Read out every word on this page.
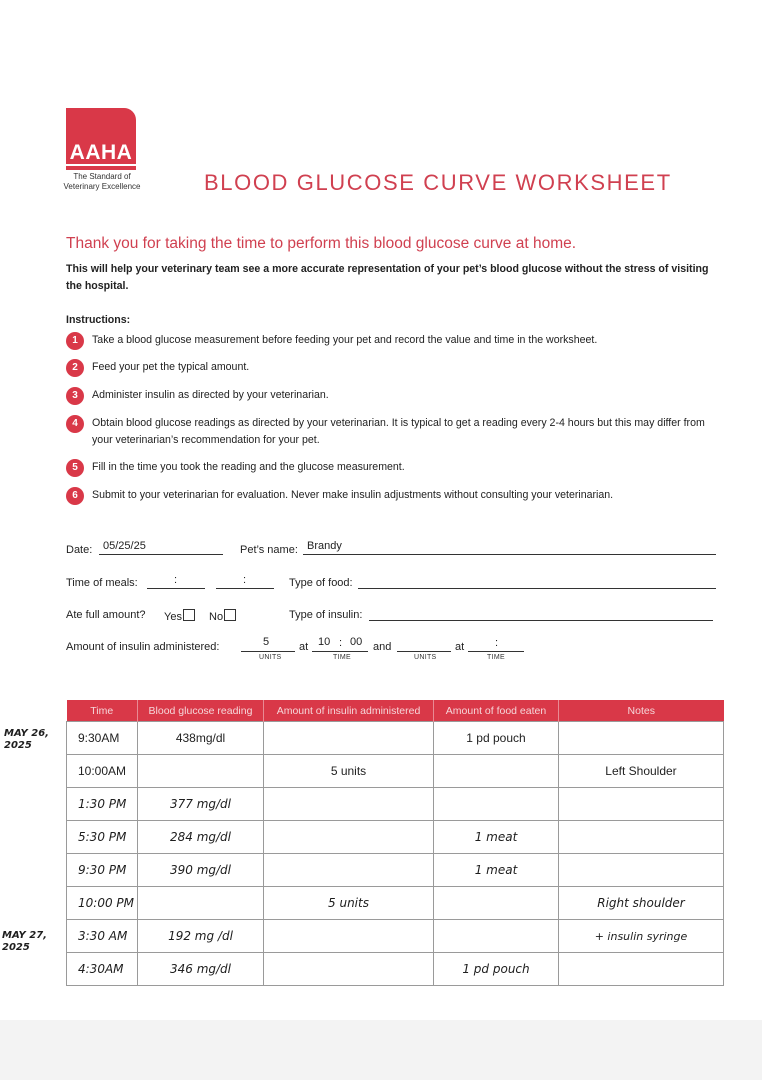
AAHA
The Standard of Veterinary Excellence	BLOOD GLUCOSE CURVE WORKSHEET
Thank you for taking the time to perform this blood glucose curve at home.
This will help your veterinary team see a more accurate representation of your pet’s blood glucose without the stress of visiting the hospital.
Instructions:
1	Take a blood glucose measurement before feeding your pet and record the value and time in the worksheet.
2	Feed your pet the typical amount.
3	Administer insulin as directed by your veterinarian.
4	Obtain blood glucose readings as directed by your veterinarian. It is typical to get a reading every 2-4 hours but this may differ from your veterinarian’s recommendation for your pet.
5	Fill in the time you took the reading and the glucose measurement.
6	Submit to your veterinarian for evaluation. Never make insulin adjustments without consulting your veterinarian.
Date: 05/25/25	Pet’s name: Brandy
Time of meals:	:	:	Type of food:
Ate full amount? Yes	No	Type of insulin:
Amount of insulin administered:	5
UNITS
at 10 : 00
TIME
and
UNITS
at	:
TIME
Time	Blood glucose reading	Amount of insulin administered	Amount of food eaten	Notes
9:30AM	438mg/dl		1 pd pouch	
10:00AM		5 units		Left Shoulder
1:30 PM	377 mg/dl			
5:30 PM	284 mg/dl		1 meat	
9:30 PM	390 mg/dl		1 meat	
10:00 PM		5 units		Right shoulder
3:30 AM	192 mg /dl			+ insulin syringe
4:30AM	346 mg/dl		1 pd pouch	
MAY 26, 2025
MAY 27, 2025
